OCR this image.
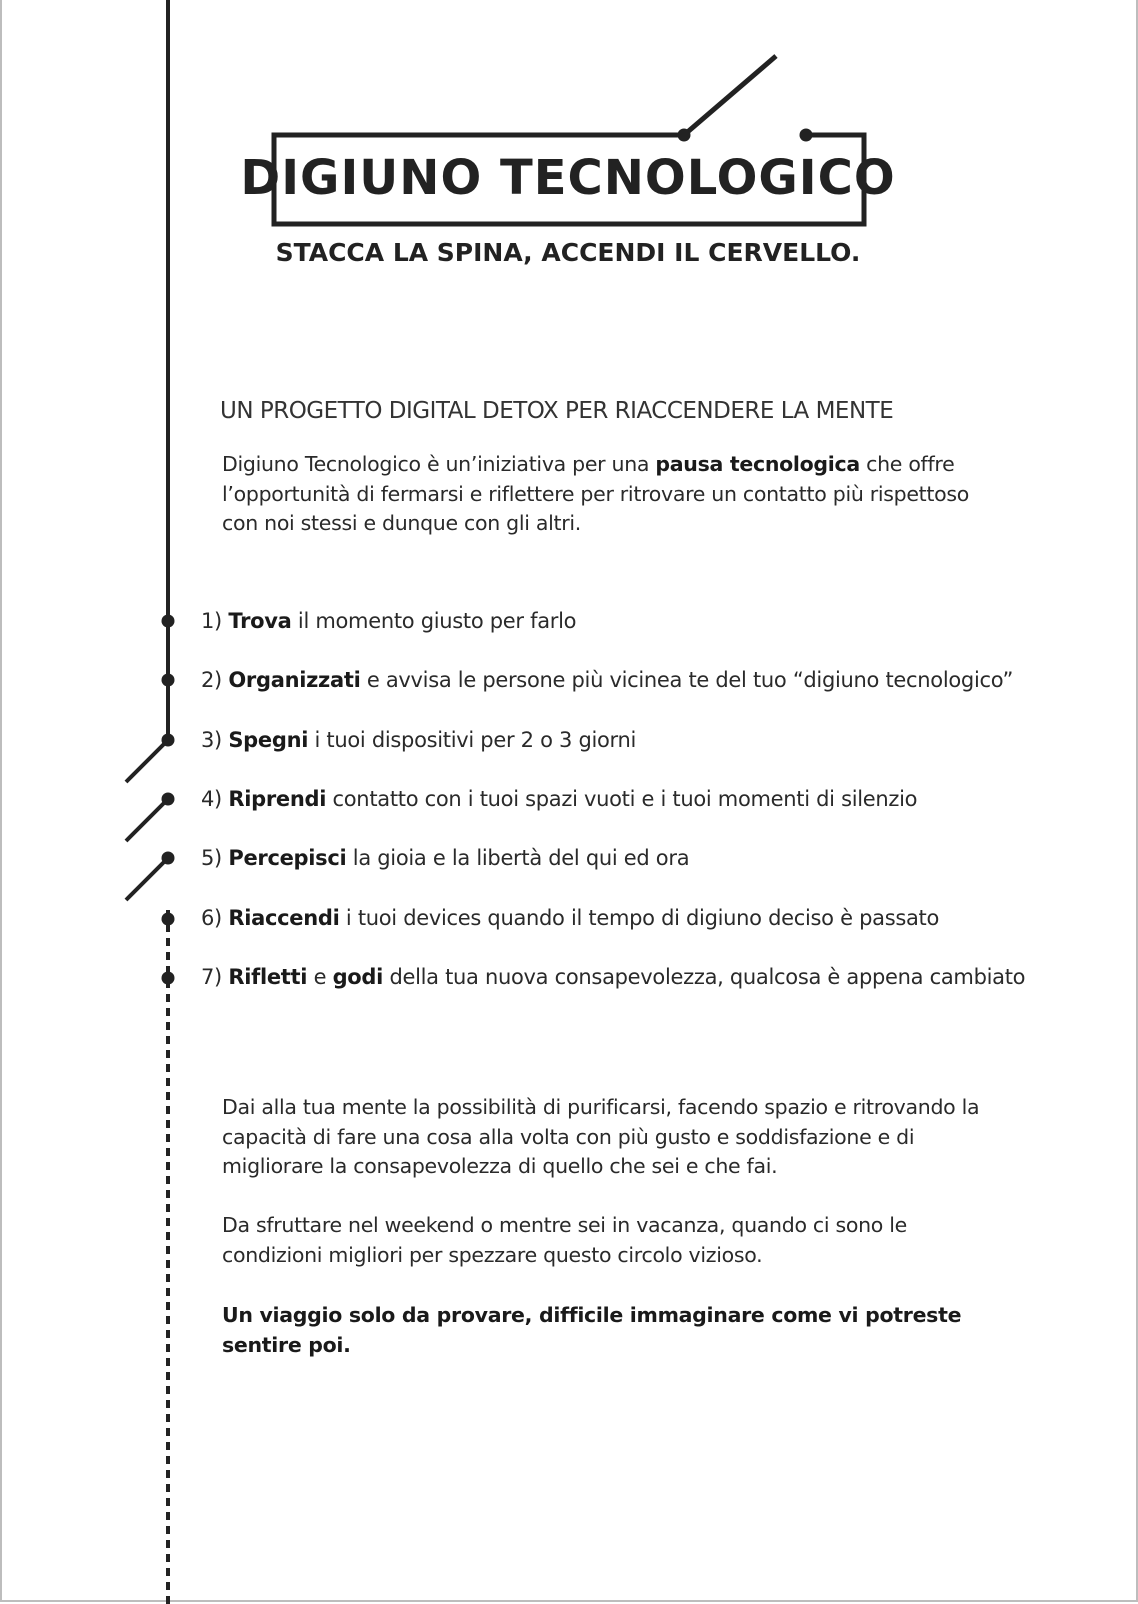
DIGIUNO TECNOLOGICO
STACCA LA SPINA, ACCENDI IL CERVELLO.
UN PROGETTO DIGITAL DETOX PER RIACCENDERE LA MENTE
Digiuno Tecnologico è un’iniziativa per una pausa tecnologica che offre l’opportunità di fermarsi e riflettere per ritrovare un contatto più rispettoso con noi stessi e dunque con gli altri.
1) Trova il momento giusto per farlo
2) Organizzati e avvisa le persone più vicinea te del tuo “digiuno tecnologico”
3) Spegni i tuoi dispositivi per 2 o 3 giorni
4) Riprendi contatto con i tuoi spazi vuoti e i tuoi momenti di silenzio
5) Percepisci la gioia e la libertà del qui ed ora
6) Riaccendi i tuoi devices quando il tempo di digiuno deciso è passato
7) Rifletti e godi della tua nuova consapevolezza, qualcosa è appena cambiato
Dai alla tua mente la possibilità di purificarsi, facendo spazio e ritrovando la capacità di fare una cosa alla volta con più gusto e soddisfazione e di migliorare la consapevolezza di quello che sei e che fai.
Da sfruttare nel weekend o mentre sei in vacanza, quando ci sono le condizioni migliori per spezzare questo circolo vizioso.
Un viaggio solo da provare, difficile immaginare come vi potreste sentire poi.
